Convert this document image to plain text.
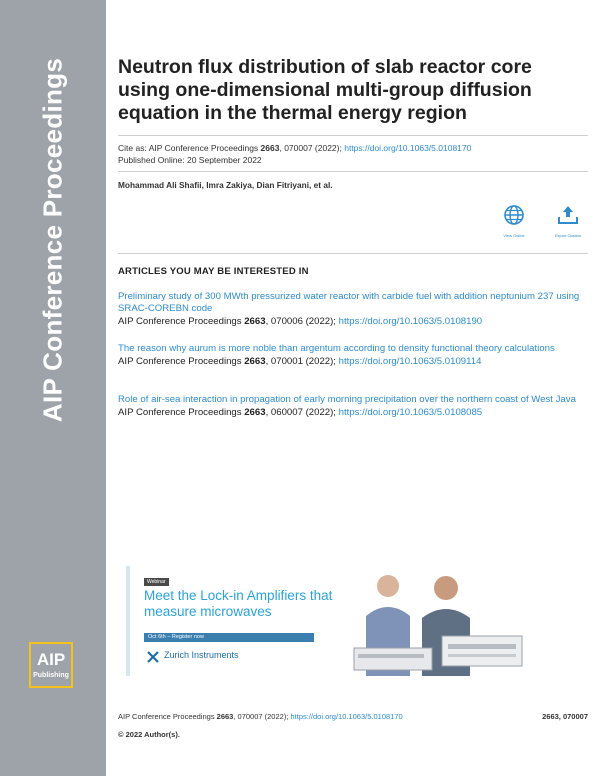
AIP Conference Proceedings
AIP
Publishing
Neutron flux distribution of slab reactor core using one-dimensional multi-group diffusion equation in the thermal energy region
Cite as: AIP Conference Proceedings 2663, 070007 (2022); https://doi.org/10.1063/5.0108170
Published Online: 20 September 2022
Mohammad Ali Shafii, Imra Zakiya, Dian Fitriyani, et al.
View Online	Export Citation
ARTICLES YOU MAY BE INTERESTED IN
Preliminary study of 300 MWth pressurized water reactor with carbide fuel with addition neptunium 237 using SRAC-COREBN code
AIP Conference Proceedings 2663, 070006 (2022); https://doi.org/10.1063/5.0108190
The reason why aurum is more noble than argentum according to density functional theory calculations
AIP Conference Proceedings 2663, 070001 (2022); https://doi.org/10.1063/5.0109114
Role of air-sea interaction in propagation of early morning precipitation over the northern coast of West Java
AIP Conference Proceedings 2663, 060007 (2022); https://doi.org/10.1063/5.0108085
Webinar
Meet the Lock-in Amplifiers that measure microwaves
Oct 6th – Register now
Zurich Instruments
AIP Conference Proceedings 2663, 070007 (2022); https://doi.org/10.1063/5.0108170	2663, 070007
© 2022 Author(s).
